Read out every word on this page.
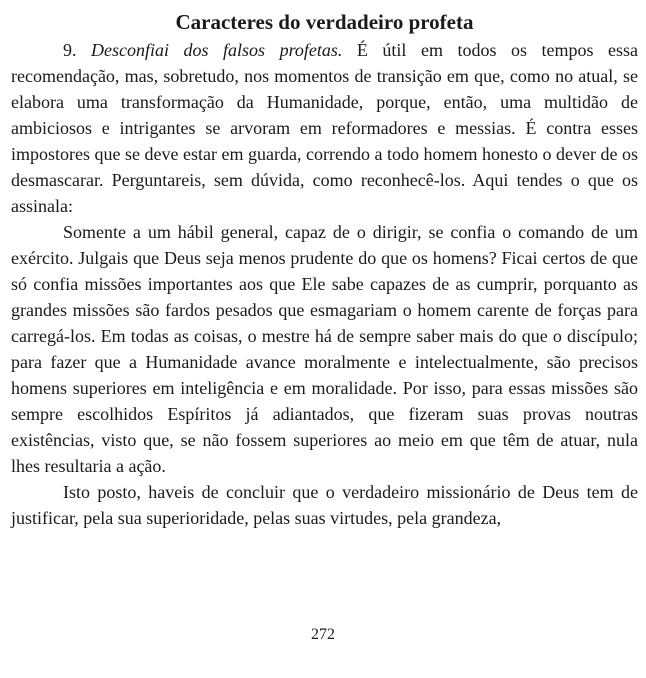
Caracteres do verdadeiro profeta

9. Desconfiai dos falsos profetas. É útil em todos os tempos essa recomendação, mas, sobretudo, nos momentos de transição em que, como no atual, se elabora uma transformação da Humanidade, porque, então, uma multidão de ambiciosos e intrigantes se arvoram em reformadores e messias. É contra esses impostores que se deve estar em guarda, correndo a todo homem honesto o dever de os desmascarar. Perguntareis, sem dúvida, como reconhecê-los. Aqui tendes o que os assinala:

Somente a um hábil general, capaz de o dirigir, se confia o comando de um exército. Julgais que Deus seja menos prudente do que os homens? Ficai certos de que só confia missões importantes aos que Ele sabe capazes de as cumprir, porquanto as grandes missões são fardos pesados que esmagariam o homem carente de forças para carregá-los. Em todas as coisas, o mestre há de sempre saber mais do que o discípulo; para fazer que a Humanidade avance moralmente e intelectualmente, são precisos homens superiores em inteligência e em moralidade. Por isso, para essas missões são sempre escolhidos Espíritos já adiantados, que fizeram suas provas noutras existências, visto que, se não fossem superiores ao meio em que têm de atuar, nula lhes resultaria a ação.

Isto posto, haveis de concluir que o verdadeiro missionário de Deus tem de justificar, pela sua superioridade, pelas suas virtudes, pela grandeza,

272
